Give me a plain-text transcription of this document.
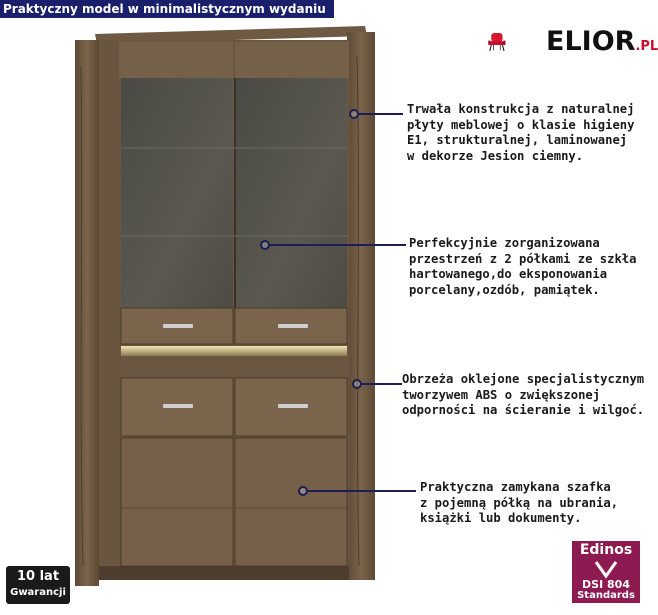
Praktyczny model w minimalistycznym wydaniu
ELIOR.PL
Trwała konstrukcja z naturalnej
płyty meblowej o klasie higieny
E1, strukturalnej, laminowanej
w dekorze Jesion ciemny.
Perfekcyjnie zorganizowana
przestrzeń z 2 półkami ze szkła
hartowanego,do eksponowania
porcelany,ozdób, pamiątek.
Obrzeża oklejone specjalistycznym
tworzywem ABS o zwiększonej
odporności na ścieranie i wilgoć.
Praktyczna zamykana szafka
z pojemną półką na ubrania,
książki lub dokumenty.
10 lat
Gwarancji
Edinos
DSI 804
Standards
